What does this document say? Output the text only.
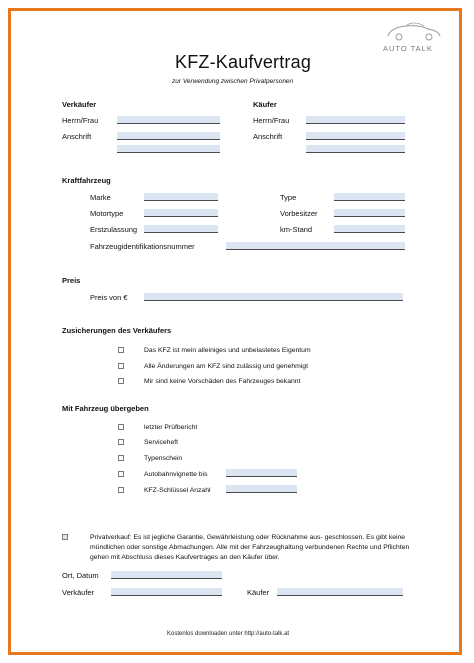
AUTO TALK
KFZ-Kaufvertrag
zur Verwendung zwischen Privatpersonen
Verkäufer	Käufer
Herrn/Frau	Herrn/Frau
Anschrift	Anschrift
Kraftfahrzeug
Marke	Type
Motortype	Vorbesitzer
Erstzulassung	km-Stand
Fahrzeugidentifikationsnummer
Preis
Preis von €
Zusicherungen des Verkäufers
Das KFZ ist mein alleiniges und unbelastetes Eigentum
Alle Änderungen am KFZ sind zulässig und genehmigt
Mir sind keine Vorschäden des Fahrzeuges bekannt
Mit Fahrzeug übergeben
letzter Prüfbericht
Serviceheft
Typenschein
Autobahnvignette bis
KFZ-Schlüssel Anzahl
Privatverkauf: Es ist jegliche Garantie, Gewährleistung oder Rücknahme aus- geschlossen. Es gibt keine mündlichen oder sonstige Abmachungen. Alle mit der Fahrzeughaltung verbundenen Rechte und Pflichten gehen mit Abschluss dieses Kaufvertrages an den Käufer über.
Ort, Datum
Verkäufer	Käufer
Kostenlos downloaden unter http://auto-talk.at
